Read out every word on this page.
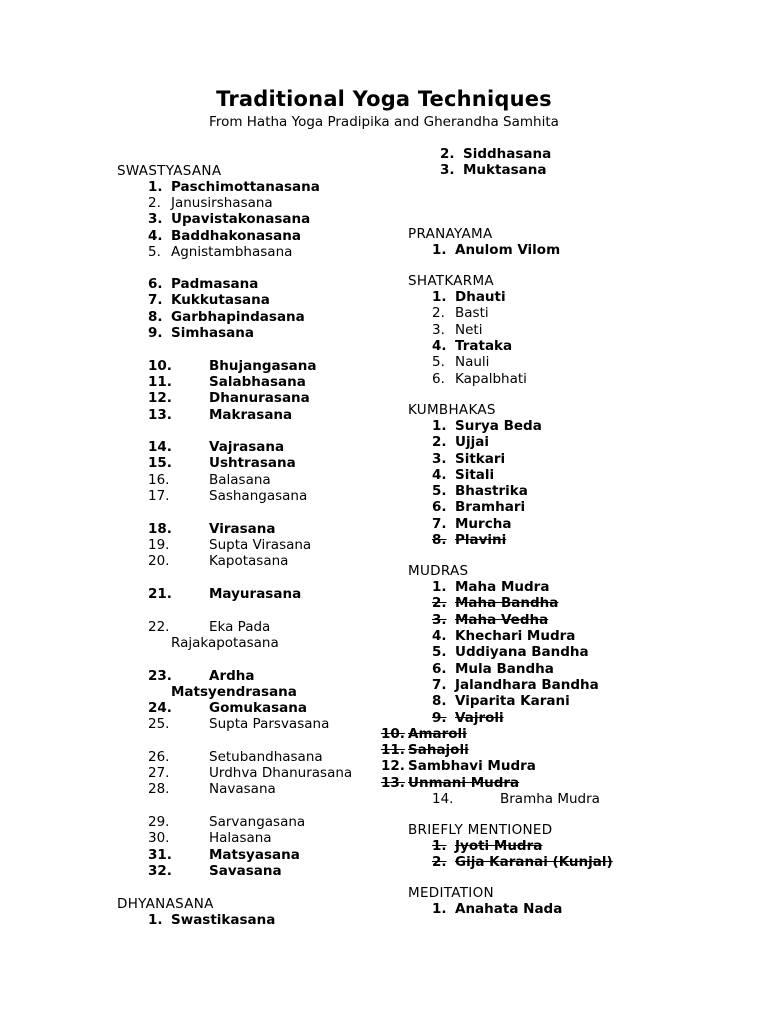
Traditional Yoga Techniques
From Hatha Yoga Pradipika and Gherandha Samhita
SWASTYASANA
1. Paschimottanasana
2. Janusirshasana
3. Upavistakonasana
4. Baddhakonasana
5. Agnistambhasana
6. Padmasana
7. Kukkutasana
8. Garbhapindasana
9. Simhasana
10.	Bhujangasana
11.	Salabhasana
12.	Dhanurasana
13.	Makrasana
14.	Vajrasana
15.	Ushtrasana
16.	Balasana
17.	Sashangasana
18.	Virasana
19.	Supta Virasana
20.	Kapotasana
21.	Mayurasana
22.	Eka Pada
Rajakapotasana
23.	Ardha
Matsyendrasana
24.	Gomukasana
25.	Supta Parsvasana
26.	Setubandhasana
27.	Urdhva Dhanurasana
28.	Navasana
29.	Sarvangasana
30.	Halasana
31.	Matsyasana
32.	Savasana
DHYANASANA
1. Swastikasana
2. Siddhasana
3. Muktasana
PRANAYAMA
1. Anulom Vilom
SHATKARMA
1. Dhauti
2. Basti
3. Neti
4. Trataka
5. Nauli
6. Kapalbhati
KUMBHAKAS
1. Surya Beda
2. Ujjai
3. Sitkari
4. Sitali
5. Bhastrika
6. Bramhari
7. Murcha
8. Plavini
MUDRAS
1. Maha Mudra
2. Maha Bandha
3. Maha Vedha
4. Khechari Mudra
5. Uddiyana Bandha
6. Mula Bandha
7. Jalandhara Bandha
8. Viparita Karani
9. Vajroli
10. Amaroli
11. Sahajoli
12. Sambhavi Mudra
13. Unmani Mudra
14.	Bramha Mudra
BRIEFLY MENTIONED
1. Jyoti Mudra
2. Gija Karanai (Kunjal)
MEDITATION
1. Anahata Nada
